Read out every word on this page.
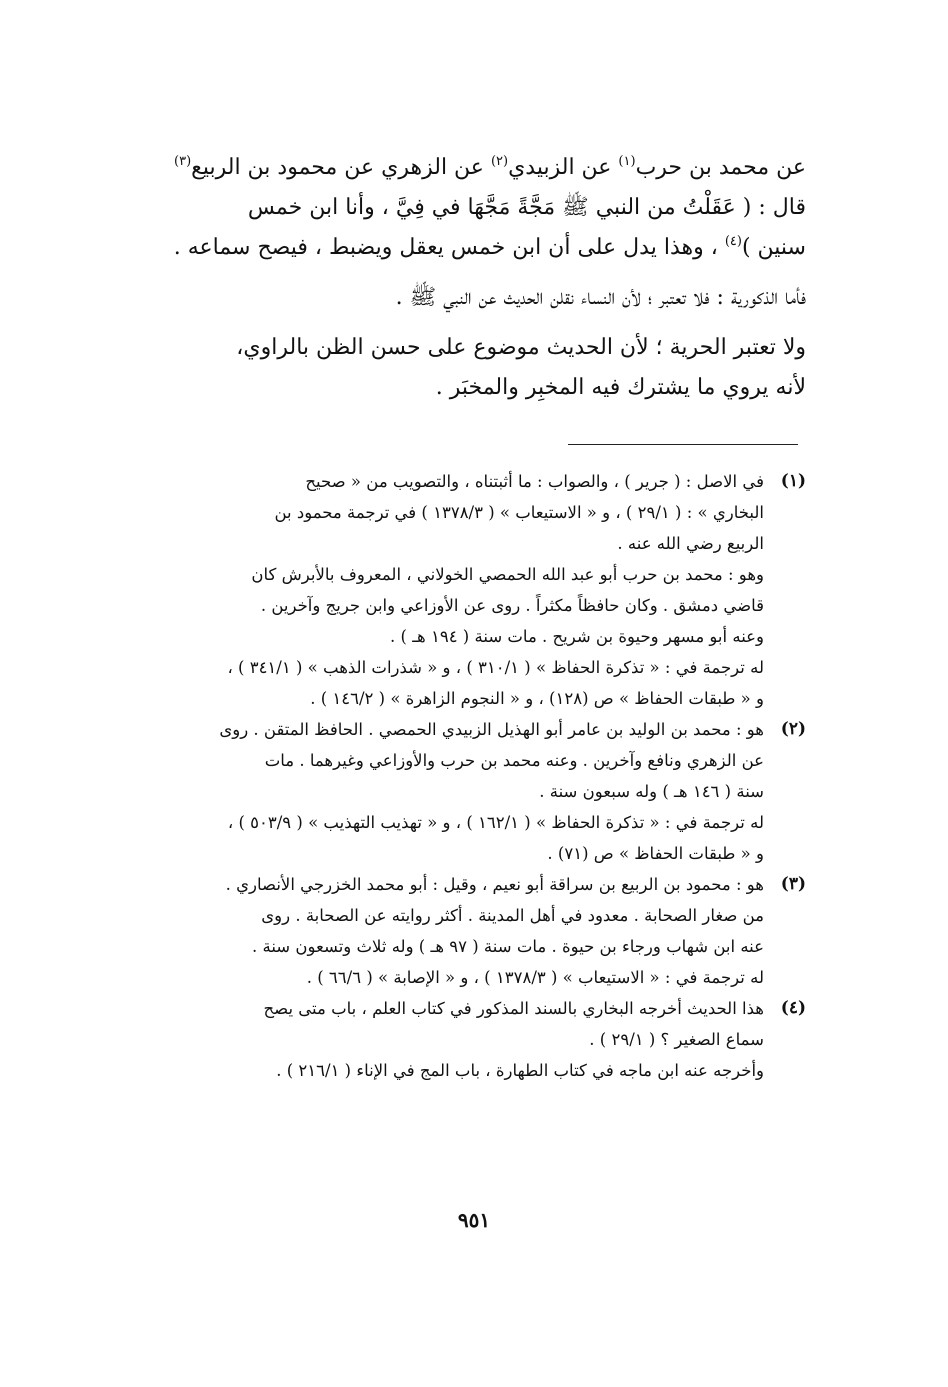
عن محمد بن حرب$^{(١)}$ عن الزبيدي$^{(٢)}$ عن الزهري عن محمود بن الربيع$^{(٣)}$
قال : ( عَقَلْتُ من النبي ﷺ مَجَّةً مَجَّهَا في فِيَّ ، وأنا ابن خمس
سنين )$^{(٤)}$ ، وهذا يدل على أن ابن خمس يعقل ويضبط ، فيصح سماعه .
فأما الذكورية : فلا تعتبر ؛ لأن النساء نقلن الحديث عن النبي ﷺ .
ولا تعتبر الحرية ؛ لأن الحديث موضوع على حسن الظن بالراوي،
لأنه يروي ما يشترك فيه المخبِر والمخبَر .
(١)
في الاصل : ( جرير ) ، والصواب : ما أثبتناه ، والتصويب من « صحيح
البخاري » : ( ٢٩/١ ) ، و « الاستيعاب » ( ١٣٧٨/٣ ) في ترجمة محمود بن
الربيع رضي الله عنه .
وهو : محمد بن حرب أبو عبد الله الحمصي الخولاني ، المعروف بالأبرش كان
قاضي دمشق . وكان حافظاً مكثراً . روى عن الأوزاعي وابن جريج وآخرين .
وعنه أبو مسهر وحيوة بن شريح . مات سنة ( ١٩٤ هـ ) .
له ترجمة في : « تذكرة الحفاظ » ( ٣١٠/١ ) ، و « شذرات الذهب » ( ٣٤١/١ ) ،
و « طبقات الحفاظ » ص (١٢٨) ، و « النجوم الزاهرة » ( ١٤٦/٢ ) .
(٢)
هو : محمد بن الوليد بن عامر أبو الهذيل الزبيدي الحمصي . الحافظ المتقن . روى
عن الزهري ونافع وآخرين . وعنه محمد بن حرب والأوزاعي وغيرهما . مات
سنة ( ١٤٦ هـ ) وله سبعون سنة .
له ترجمة في : « تذكرة الحفاظ » ( ١٦٢/١ ) ، و « تهذيب التهذيب » ( ٥٠٣/٩ ) ،
و « طبقات الحفاظ » ص (٧١) .
(٣)
هو : محمود بن الربيع بن سراقة أبو نعيم ، وقيل : أبو محمد الخزرجي الأنصاري .
من صغار الصحابة . معدود في أهل المدينة . أكثر روايته عن الصحابة . روى
عنه ابن شهاب ورجاء بن حيوة . مات سنة ( ٩٧ هـ ) وله ثلاث وتسعون سنة .
له ترجمة في : « الاستيعاب » ( ١٣٧٨/٣ ) ، و « الإصابة » ( ٦٦/٦ ) .
(٤)
هذا الحديث أخرجه البخاري بالسند المذكور في كتاب العلم ، باب متى يصح
سماع الصغير ؟ ( ٢٩/١ ) .
وأخرجه عنه ابن ماجه في كتاب الطهارة ، باب المج في الإناء ( ٢١٦/١ ) .
٩٥١
